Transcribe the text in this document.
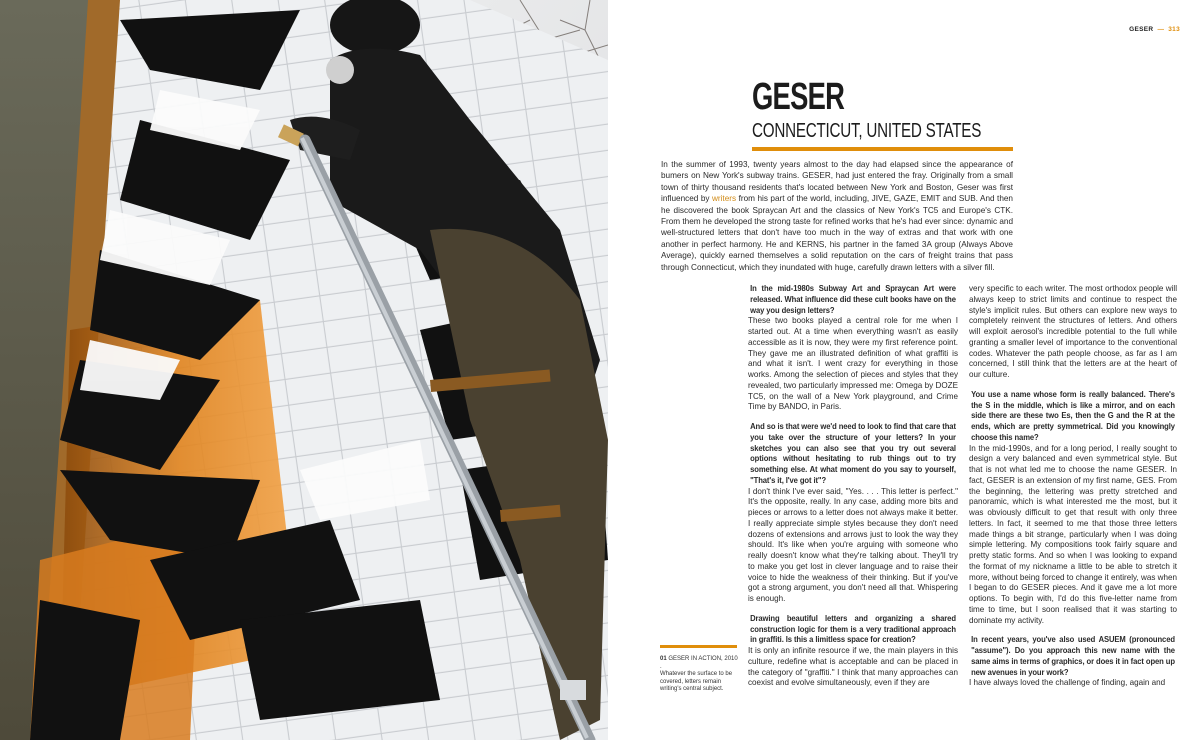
GESER — 313
GESER
CONNECTICUT, UNITED STATES

In the summer of 1993, twenty years almost to the day had elapsed since the appearance of bumers on New York's subway trains. GESER, had just entered the fray. Originally from a small town of thirty thousand residents that's located between New York and Boston, Geser was first influenced by writers from his part of the world, including, JIVE, GAZE, EMIT and SUB. And then he discovered the book Spraycan Art and the classics of New York's TC5 and Europe's CTK. From them he developed the strong taste for refined works that he's had ever since: dynamic and well-structured letters that don't have too much in the way of extras and that work with one another in perfect harmony. He and KERNS, his partner in the famed 3A group (Always Above Average), quickly earned themselves a solid reputation on the cars of freight trains that pass through Connecticut, which they inundated with huge, carefully drawn letters with a silver fill.

In the mid-1980s Subway Art and Spraycan Art were released. What influence did these cult books have on the way you design letters?

These two books played a central role for me when I started out. At a time when everything wasn't as easily accessible as it is now, they were my first reference point. They gave me an illustrated definition of what graffiti is and what it isn't. I went crazy for everything in those works. Among the selection of pieces and styles that they revealed, two particularly impressed me: Omega by DOZE TC5, on the wall of a New York playground, and Crime Time by BANDO, in Paris.

And so is that were we'd need to look to find that care that you take over the structure of your letters? In your sketches you can also see that you try out several options without hesitating to rub things out to try something else. At what moment do you say to yourself, "That's it, I've got it"?

I don't think I've ever said, "Yes. . . . This letter is perfect." It's the opposite, really. In any case, adding more bits and pieces or arrows to a letter does not always make it better. I really appreciate simple styles because they don't need dozens of extensions and arrows just to look the way they should. It's like when you're arguing with someone who really doesn't know what they're talking about. They'll try to make you get lost in clever language and to raise their voice to hide the weakness of their thinking. But if you've got a strong argument, you don't need all that. Whispering is enough.

Drawing beautiful letters and organizing a shared construction logic for them is a very traditional approach in graffiti. Is this a limitless space for creation?

It is only an infinite resource if we, the main players in this culture, redefine what is acceptable and can be placed in the category of "graffiti." I think that many approaches can coexist and evolve simultaneously, even if they are

very specific to each writer. The most orthodox people will always keep to strict limits and continue to respect the style's implicit rules. But others can explore new ways to completely reinvent the structures of letters. And others will exploit aerosol's incredible potential to the full while granting a smaller level of importance to the conventional codes. Whatever the path people choose, as far as I am concerned, I still think that the letters are at the heart of our culture.

You use a name whose form is really balanced. There's the S in the middle, which is like a mirror, and on each side there are these two Es, then the G and the R at the ends, which are pretty symmetrical. Did you knowingly choose this name?

In the mid-1990s, and for a long period, I really sought to design a very balanced and even symmetrical style. But that is not what led me to choose the name GESER. In fact, GESER is an extension of my first name, GES. From the beginning, the lettering was pretty stretched and panoramic, which is what interested me the most, but it was obviously difficult to get that result with only three letters. In fact, it seemed to me that those three letters made things a bit strange, particularly when I was doing simple lettering. My compositions took fairly square and pretty static forms. And so when I was looking to expand the format of my nickname a little to be able to stretch it more, without being forced to change it entirely, was when I began to do GESER pieces. And it gave me a lot more options. To begin with, I'd do this five-letter name from time to time, but I soon realised that it was starting to dominate my activity.

In recent years, you've also used ASUEM (pronounced "assume"). Do you approach this new name with the same aims in terms of graphics, or does it in fact open up new avenues in your work?

I have always loved the challenge of finding, again and

01 GESER IN ACTION, 2010 .
Whatever the surface to be covered, letters remain writing's central subject.
